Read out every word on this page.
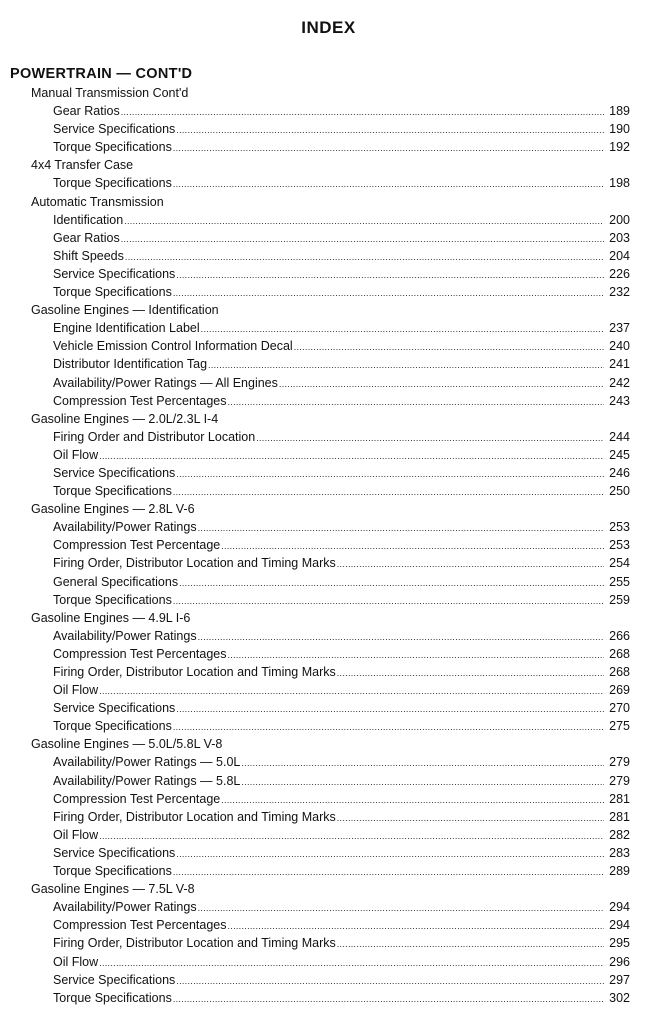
INDEX
POWERTRAIN — CONT'D
Manual Transmission Cont'd
Gear Ratios .....	189
Service Specifications .....	190
Torque Specifications .....	192
4x4 Transfer Case
Torque Specifications .....	198
Automatic Transmission
Identification .....	200
Gear Ratios .....	203
Shift Speeds .....	204
Service Specifications .....	226
Torque Specifications .....	232
Gasoline Engines — Identification
Engine Identification Label .....	237
Vehicle Emission Control Information Decal .....	240
Distributor Identification Tag .....	241
Availability/Power Ratings — All Engines .....	242
Compression Test Percentages .....	243
Gasoline Engines — 2.0L/2.3L I-4
Firing Order and Distributor Location .....	244
Oil Flow .....	245
Service Specifications .....	246
Torque Specifications .....	250
Gasoline Engines — 2.8L V-6
Availability/Power Ratings .....	253
Compression Test Percentage .....	253
Firing Order, Distributor Location and Timing Marks .....	254
General Specifications .....	255
Torque Specifications .....	259
Gasoline Engines — 4.9L I-6
Availability/Power Ratings .....	266
Compression Test Percentages .....	268
Firing Order, Distributor Location and Timing Marks .....	268
Oil Flow .....	269
Service Specifications .....	270
Torque Specifications .....	275
Gasoline Engines — 5.0L/5.8L V-8
Availability/Power Ratings — 5.0L .....	279
Availability/Power Ratings — 5.8L .....	279
Compression Test Percentage .....	281
Firing Order, Distributor Location and Timing Marks .....	281
Oil Flow .....	282
Service Specifications .....	283
Torque Specifications .....	289
Gasoline Engines — 7.5L V-8
Availability/Power Ratings .....	294
Compression Test Percentages .....	294
Firing Order, Distributor Location and Timing Marks .....	295
Oil Flow .....	296
Service Specifications .....	297
Torque Specifications .....	302
